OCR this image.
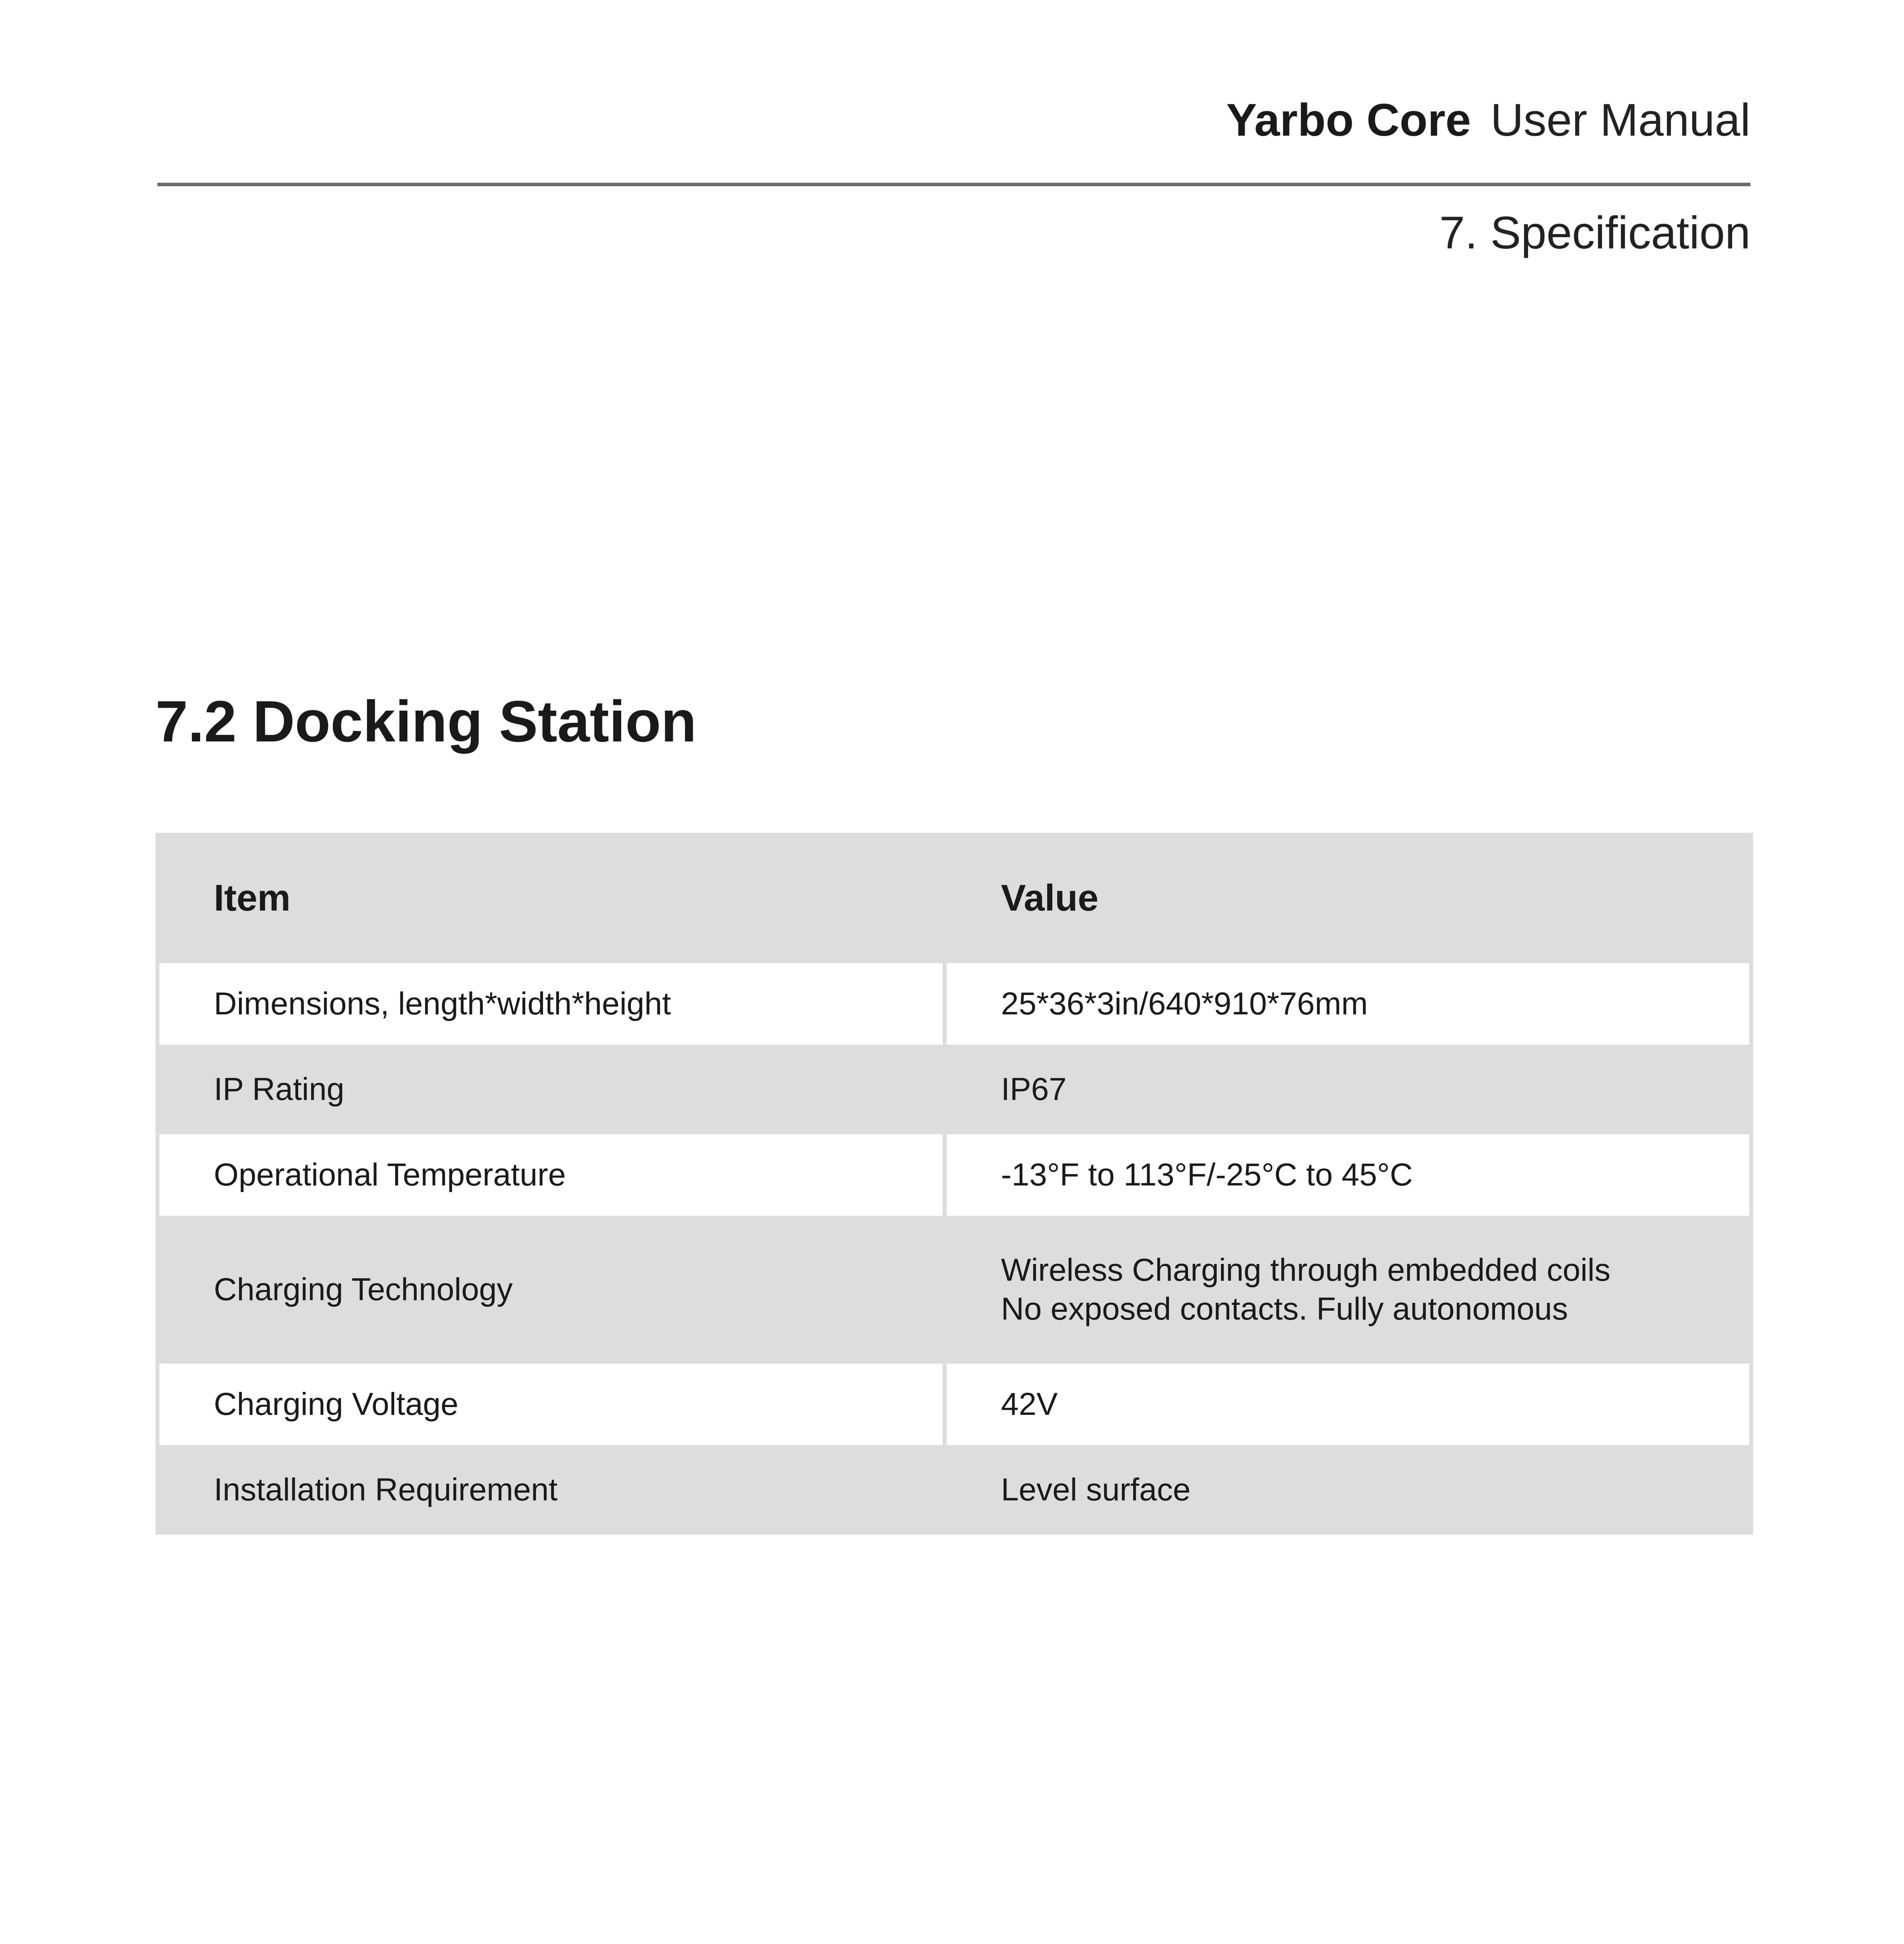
Yarbo Core User Manual
7. Specification
7.2 Docking Station
Item	Value
Dimensions, length*width*height	25*36*3in/640*910*76mm

IP Rating	IP67

Operational Temperature	-13°F to 113°F/-25°C to 45°C

Charging Technology	Wireless Charging through embedded coils
No exposed contacts. Fully autonomous

Charging Voltage	42V

Installation Requirement	Level surface
